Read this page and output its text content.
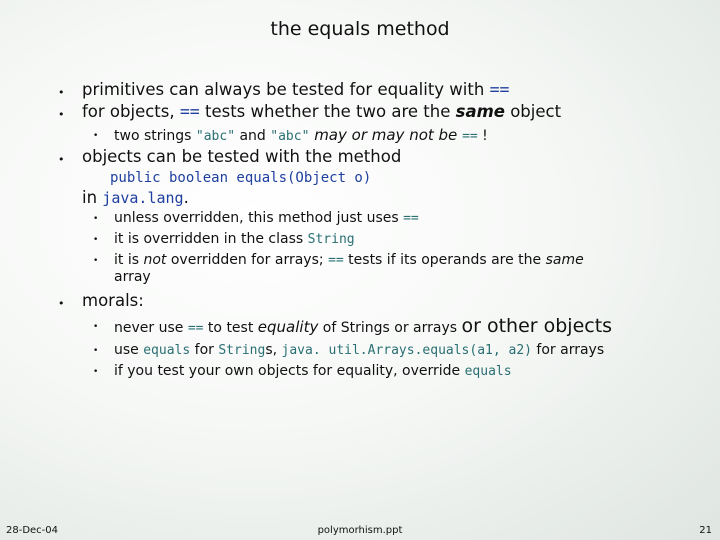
the equals method
• primitives can always be tested for equality with ==
• for objects, == tests whether the two are the same object
• two strings "abc" and "abc" may or may not be == !
• objects can be tested with the method
public boolean equals(Object o)
in java.lang.
• unless overridden, this method just uses ==
• it is overridden in the class String
• it is not overridden for arrays; == tests if its operands are the same
array
• morals:
• never use == to test equality of Strings or arrays or other objects
• use equals for Strings, java. util.Arrays.equals(a1, a2) for arrays
• if you test your own objects for equality, override equals
28-Dec-04	polymorhism.ppt	21
